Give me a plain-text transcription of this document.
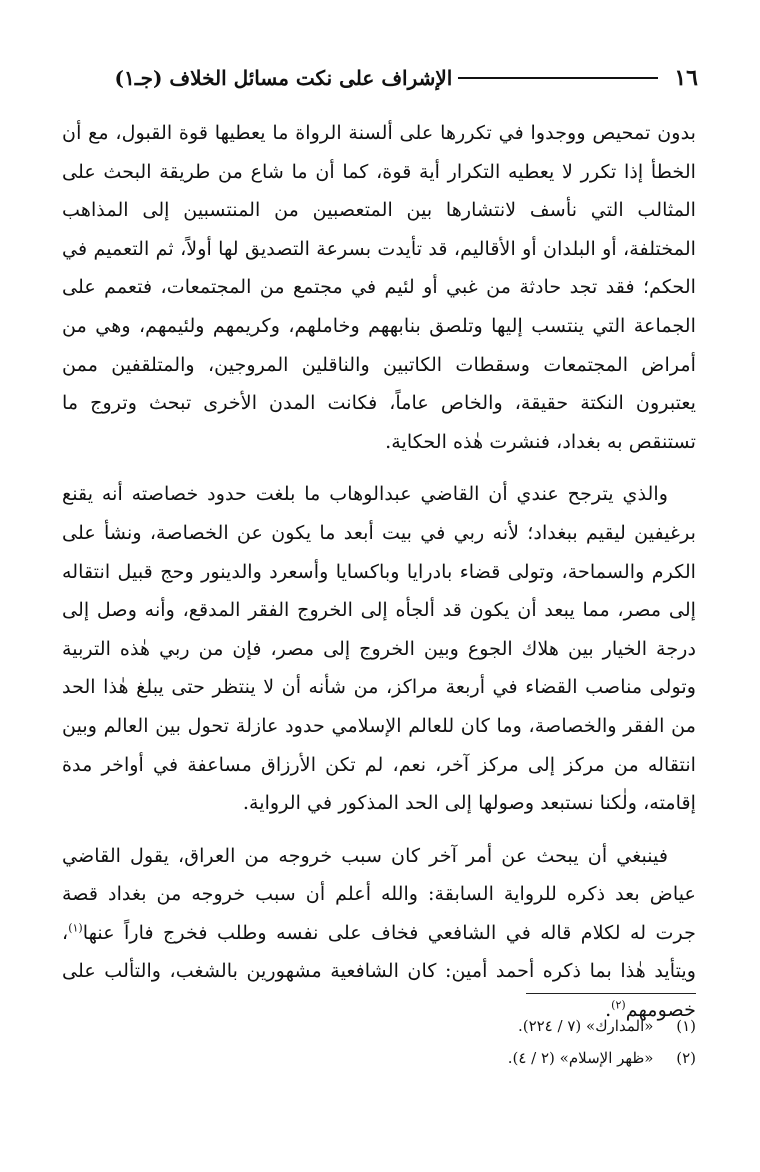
١٦
الإشراف على نكت مسائل الخلاف (جـ١)

بدون تمحيص ووجدوا في تكررها على ألسنة الرواة ما يعطيها قوة القبول، مع أن الخطأ إذا تكرر لا يعطيه التكرار أية قوة، كما أن ما شاع من طريقة البحث على المثالب التي نأسف لانتشارها بين المتعصبين من المنتسبين إلى المذاهب المختلفة، أو البلدان أو الأقاليم، قد تأيدت بسرعة التصديق لها أولاً، ثم التعميم في الحكم؛ فقد تجد حادثة من غبي أو لئيم في مجتمع من المجتمعات، فتعمم على الجماعة التي ينتسب إليها وتلصق بنابههم وخاملهم، وكريمهم ولئيمهم، وهي من أمراض المجتمعات وسقطات الكاتبين والناقلين المروجين، والمتلقفين ممن يعتبرون النكتة حقيقة، والخاص عاماً، فكانت المدن الأخرى تبحث وتروج ما تستنقص به بغداد، فنشرت هٰذه الحكاية.

والذي يترجح عندي أن القاضي عبدالوهاب ما بلغت حدود خصاصته أنه يقنع برغيفين ليقيم ببغداد؛ لأنه ربي في بيت أبعد ما يكون عن الخصاصة، ونشأ على الكرم والسماحة، وتولى قضاء بادرايا وباكسايا وأسعرد والدينور وحج قبيل انتقاله إلى مصر، مما يبعد أن يكون قد ألجأه إلى الخروج الفقر المدقع، وأنه وصل إلى درجة الخيار بين هلاك الجوع وبين الخروج إلى مصر، فإن من ربي هٰذه التربية وتولى مناصب القضاء في أربعة مراكز، من شأنه أن لا ينتظر حتى يبلغ هٰذا الحد من الفقر والخصاصة، وما كان للعالم الإسلامي حدود عازلة تحول بين العالم وبين انتقاله من مركز إلى مركز آخر، نعم، لم تكن الأرزاق مساعفة في أواخر مدة إقامته، ولٰكنا نستبعد وصولها إلى الحد المذكور في الرواية.

فينبغي أن يبحث عن أمر آخر كان سبب خروجه من العراق، يقول القاضي عياض بعد ذكره للرواية السابقة: والله أعلم أن سبب خروجه من بغداد قصة جرت له لكلام قاله في الشافعي فخاف على نفسه وطلب فخرج فاراً عنها$^{(١)}$، ويتأيد هٰذا بما ذكره أحمد أمين: كان الشافعية مشهورين بالشغب، والتألب على خصومهم$^{(٢)}$.

(١) «المدارك» (٧ / ٢٢٤).
(٢) «ظهر الإسلام» (٢ / ٤).
